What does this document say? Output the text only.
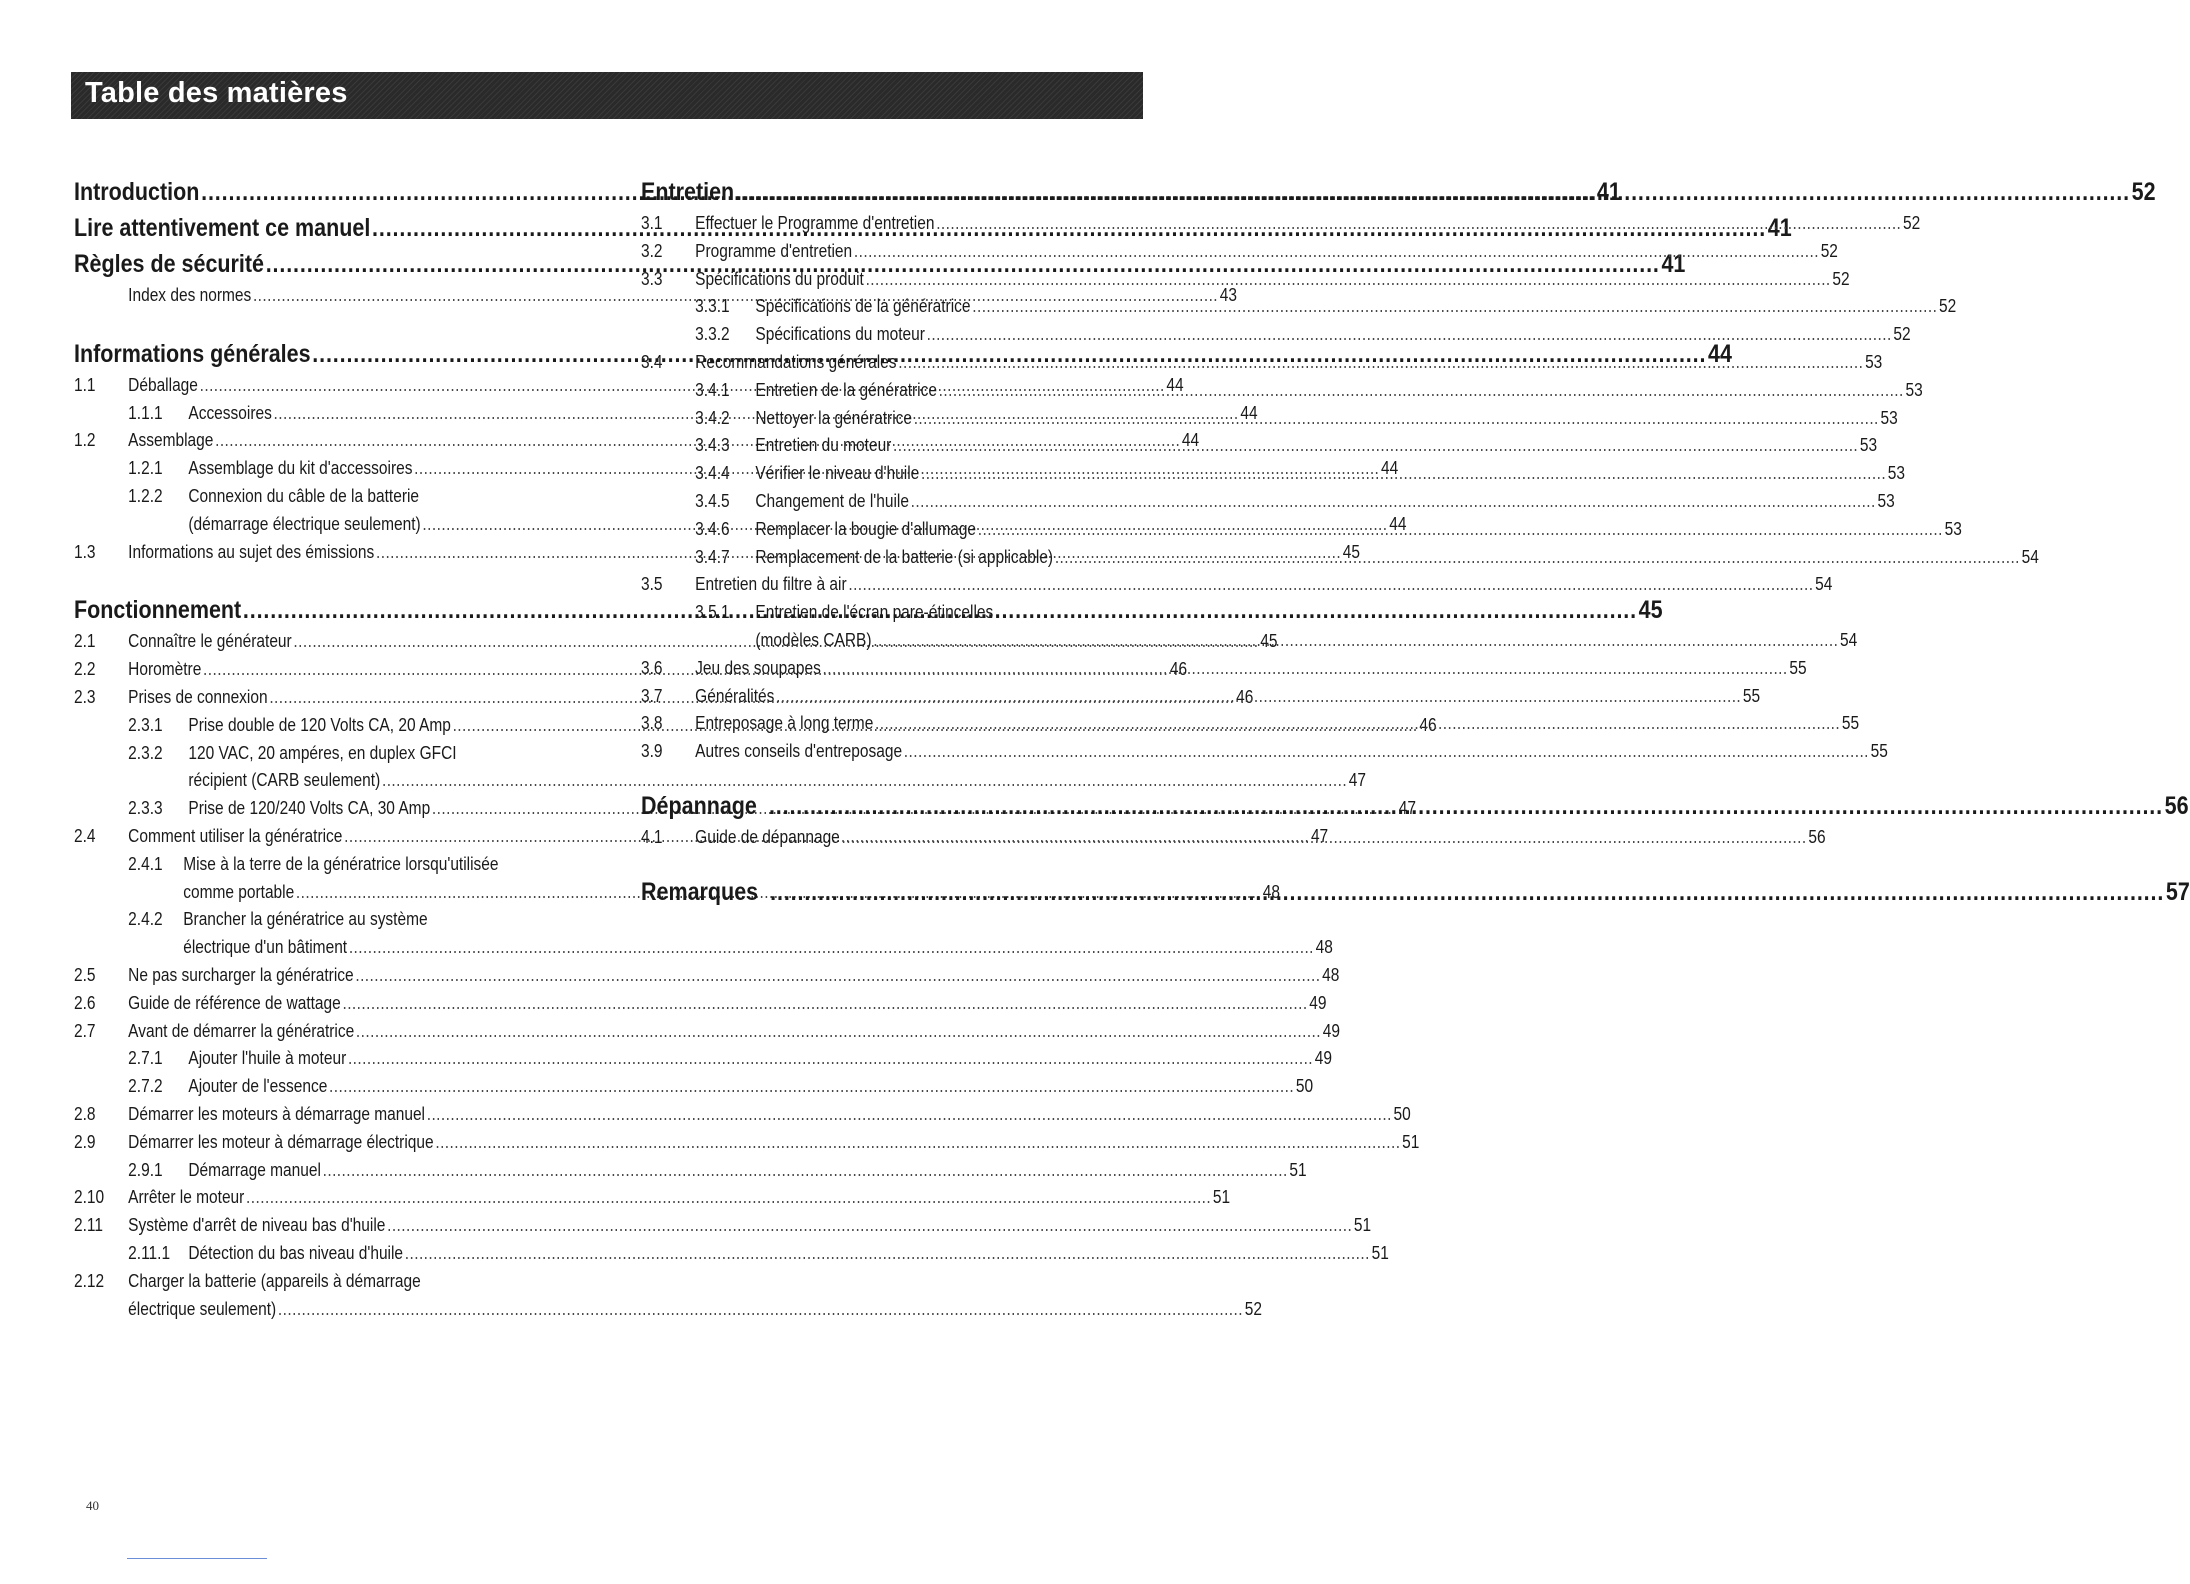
Table des matières
Introduction .....	41
Lire attentivement ce manuel .....	41
Règles de sécurité .....	41
Index des normes .....	43
Informations générales .....	44
1.1	Déballage .....	44
1.1.1	Accessoires .....	44
1.2	Assemblage .....	44
1.2.1	Assemblage du kit d'accessoires .....	44
1.2.2	Connexion du câble de la batterie
(démarrage électrique seulement) .....	44
1.3	Informations au sujet des émissions .....	45
Fonctionnement .....	45
2.1	Connaître le générateur .....	45
2.2	Horomètre .....	46
2.3	Prises de connexion .....	46
2.3.1	Prise double de 120 Volts CA, 20 Amp .....	46
2.3.2	120 VAC, 20 ampéres, en duplex GFCI
récipient (CARB seulement) .....	47
2.3.3	Prise de 120/240 Volts CA, 30 Amp .....	47
2.4	Comment utiliser la génératrice .....	47
2.4.1	Mise à la terre de la génératrice lorsqu'utilisée
comme portable .....	48
2.4.2	Brancher la génératrice au système
électrique d'un bâtiment .....	48
2.5	Ne pas surcharger la génératrice .....	48
2.6	Guide de référence de wattage .....	49
2.7	Avant de démarrer la génératrice .....	49
2.7.1	Ajouter l'huile à moteur .....	49
2.7.2	Ajouter de l'essence .....	50
2.8	Démarrer les moteurs à démarrage manuel .....	50
2.9	Démarrer les moteur à démarrage électrique .....	51
2.9.1	Démarrage manuel .....	51
2.10	Arrêter le moteur .....	51
2.11	Système d'arrêt de niveau bas d'huile .....	51
2.11.1	Détection du bas niveau d'huile .....	51
2.12	Charger la batterie (appareils à démarrage
électrique seulement) .....	52
Entretien .....	52
3.1	Effectuer le Programme d'entretien .....	52
3.2	Programme d'entretien .....	52
3.3	Spécifications du produit .....	52
3.3.1	Spécifications de la génératrice .....	52
3.3.2	Spécifications du moteur .....	52
3.4	Recommandations générales .....	53
3.4.1	Entretien de la génératrice .....	53
3.4.2	Nettoyer la génératrice .....	53
3.4.3	Entretien du moteur .....	53
3.4.4	Vérifier le niveau d'huile .....	53
3.4.5	Changement de l'huile .....	53
3.4.6	Remplacer la bougie d'allumage .....	53
3.4.7	Remplacement de la batterie (si applicable) .....	54
3.5	Entretien du filtre à air .....	54
3.5.1	Entretien de l'écran pare-étincelles
(modèles CARB) .....	54
3.6	Jeu des soupapes .....	55
3.7	Généralités .....	55
3.8	Entreposage à long terme .....	55
3.9	Autres conseils d'entreposage .....	55
Dépannage .....	56
4.1	Guide de dépannage .....	56
Remarques .....	57
40
